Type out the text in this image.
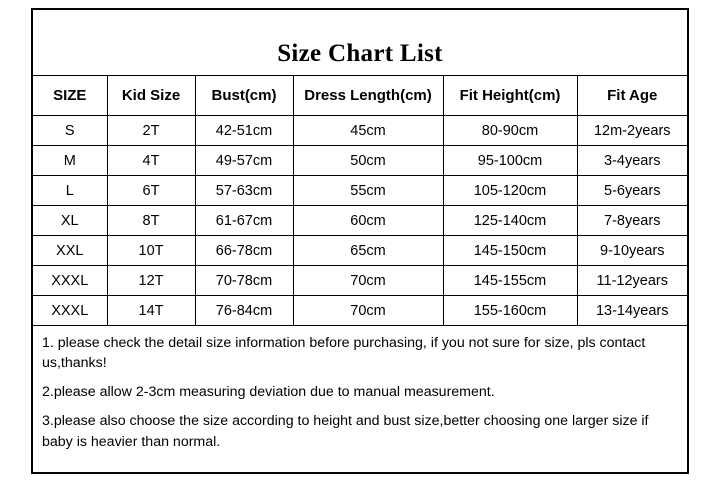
Size Chart List
SIZE	Kid Size	Bust(cm)	Dress Length(cm)	Fit Height(cm)	Fit Age
S	2T	42-51cm	45cm	80-90cm	12m-2years
M	4T	49-57cm	50cm	95-100cm	3-4years
L	6T	57-63cm	55cm	105-120cm	5-6years
XL	8T	61-67cm	60cm	125-140cm	7-8years
XXL	10T	66-78cm	65cm	145-150cm	9-10years
XXXL	12T	70-78cm	70cm	145-155cm	11-12years
XXXL	14T	76-84cm	70cm	155-160cm	13-14years

1. please check the detail size information before purchasing, if you not sure for size, pls contact us,thanks!

2.please allow 2-3cm measuring deviation due to manual measurement.

3.please also choose the size according to height and bust size,better choosing one larger size if baby is heavier than normal.
